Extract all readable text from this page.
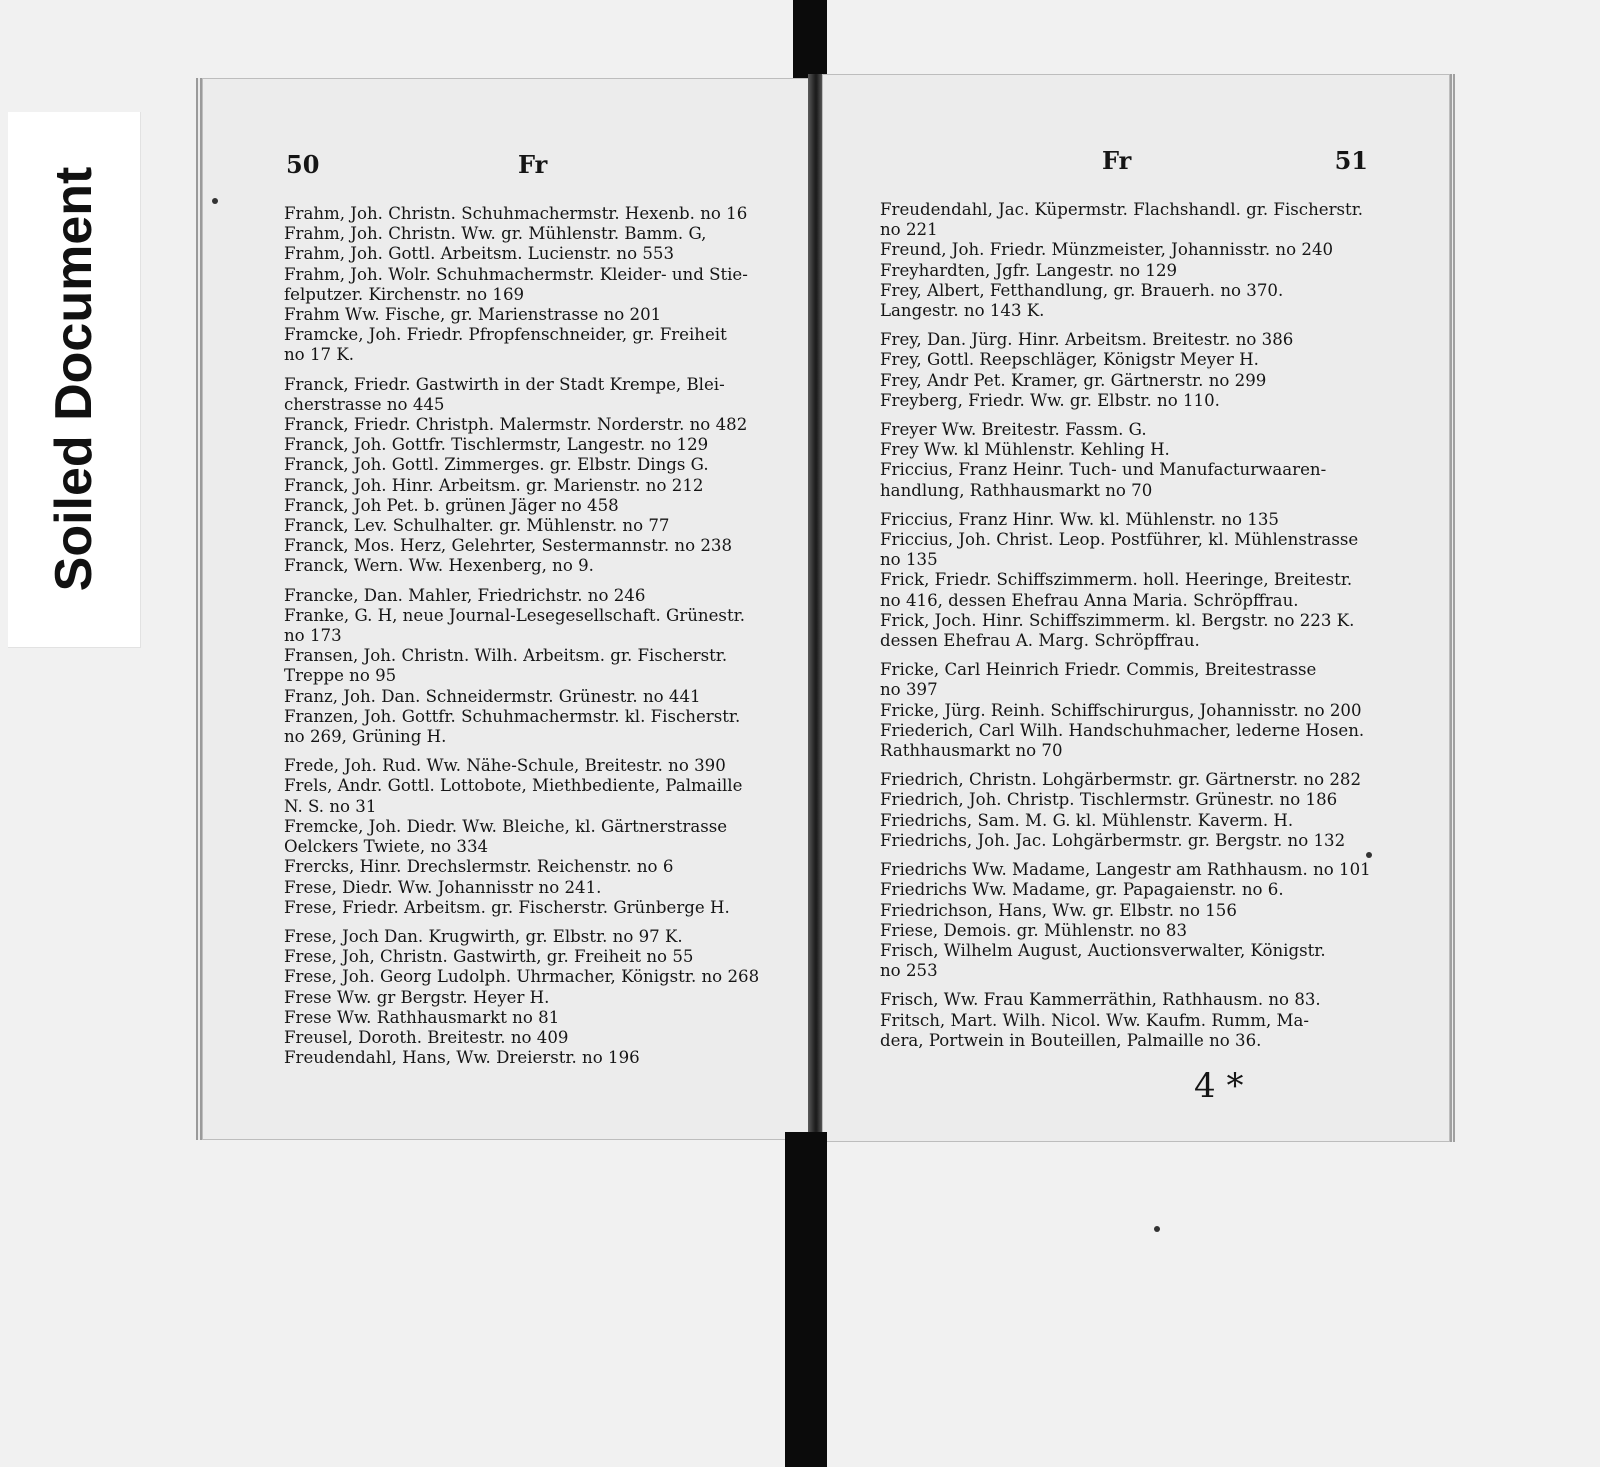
Soiled Document
50	Fr
Frahm, Joh. Christn. Schuhmachermstr. Hexenb. no 16
Frahm, Joh. Christn. Ww. gr. Mühlenstr. Bamm. G,
Frahm, Joh. Gottl. Arbeitsm. Lucienstr. no 553
Frahm, Joh. Wolr. Schuhmachermstr. Kleider- und Stie-
felputzer. Kirchenstr. no 169
Frahm Ww. Fische, gr. Marienstrasse no 201
Framcke, Joh. Friedr. Pfropfenschneider, gr. Freiheit
no 17 K.
Franck, Friedr. Gastwirth in der Stadt Krempe, Blei-
cherstrasse no 445
Franck, Friedr. Christph. Malermstr. Norderstr. no 482
Franck, Joh. Gottfr. Tischlermstr, Langestr. no 129
Franck, Joh. Gottl. Zimmerges. gr. Elbstr. Dings G.
Franck, Joh. Hinr. Arbeitsm. gr. Marienstr. no 212
Franck, Joh Pet. b. grünen Jäger no 458
Franck, Lev. Schulhalter. gr. Mühlenstr. no 77
Franck, Mos. Herz, Gelehrter, Sestermannstr. no 238
Franck, Wern. Ww. Hexenberg, no 9.
Francke, Dan. Mahler, Friedrichstr. no 246
Franke, G. H, neue Journal-Lesegesellschaft. Grünestr.
no 173
Fransen, Joh. Christn. Wilh. Arbeitsm. gr. Fischerstr.
Treppe no 95
Franz, Joh. Dan. Schneidermstr. Grünestr. no 441
Franzen, Joh. Gottfr. Schuhmachermstr. kl. Fischerstr.
no 269, Grüning H.
Frede, Joh. Rud. Ww. Nähe-Schule, Breitestr. no 390
Frels, Andr. Gottl. Lottobote, Miethbediente, Palmaille
N. S. no 31
Fremcke, Joh. Diedr. Ww. Bleiche, kl. Gärtnerstrasse
Oelckers Twiete, no 334
Frercks, Hinr. Drechslermstr. Reichenstr. no 6
Frese, Diedr. Ww. Johannisstr no 241.
Frese, Friedr. Arbeitsm. gr. Fischerstr. Grünberge H.
Frese, Joch Dan. Krugwirth, gr. Elbstr. no 97 K.
Frese, Joh, Christn. Gastwirth, gr. Freiheit no 55
Frese, Joh. Georg Ludolph. Uhrmacher, Königstr. no 268
Frese Ww. gr Bergstr. Heyer H.
Frese Ww. Rathhausmarkt no 81
Freusel, Doroth. Breitestr. no 409
Freudendahl, Hans, Ww. Dreierstr. no 196
Fr	51
Freudendahl, Jac. Küpermstr. Flachshandl. gr. Fischerstr.
no 221
Freund, Joh. Friedr. Münzmeister, Johannisstr. no 240
Freyhardten, Jgfr. Langestr. no 129
Frey, Albert, Fetthandlung, gr. Brauerh. no 370.
Langestr. no 143 K.
Frey, Dan. Jürg. Hinr. Arbeitsm. Breitestr. no 386
Frey, Gottl. Reepschläger, Königstr Meyer H.
Frey, Andr Pet. Kramer, gr. Gärtnerstr. no 299
Freyberg, Friedr. Ww. gr. Elbstr. no 110.
Freyer Ww. Breitestr. Fassm. G.
Frey Ww. kl Mühlenstr. Kehling H.
Friccius, Franz Heinr. Tuch- und Manufacturwaaren-
handlung, Rathhausmarkt no 70
Friccius, Franz Hinr. Ww. kl. Mühlenstr. no 135
Friccius, Joh. Christ. Leop. Postführer, kl. Mühlenstrasse
no 135
Frick, Friedr. Schiffszimmerm. holl. Heeringe, Breitestr.
no 416, dessen Ehefrau Anna Maria. Schröpffrau.
Frick, Joch. Hinr. Schiffszimmerm. kl. Bergstr. no 223 K.
dessen Ehefrau A. Marg. Schröpffrau.
Fricke, Carl Heinrich Friedr. Commis, Breitestrasse
no 397
Fricke, Jürg. Reinh. Schiffschirurgus, Johannisstr. no 200
Friederich, Carl Wilh. Handschuhmacher, lederne Hosen.
Rathhausmarkt no 70
Friedrich, Christn. Lohgärbermstr. gr. Gärtnerstr. no 282
Friedrich, Joh. Christp. Tischlermstr. Grünestr. no 186
Friedrichs, Sam. M. G. kl. Mühlenstr. Kaverm. H.
Friedrichs, Joh. Jac. Lohgärbermstr. gr. Bergstr. no 132
Friedrichs Ww. Madame, Langestr am Rathhausm. no 101
Friedrichs Ww. Madame, gr. Papagaienstr. no 6.
Friedrichson, Hans, Ww. gr. Elbstr. no 156
Friese, Demois. gr. Mühlenstr. no 83
Frisch, Wilhelm August, Auctionsverwalter, Königstr.
no 253
Frisch, Ww. Frau Kammerräthin, Rathhausm. no 83.
Fritsch, Mart. Wilh. Nicol. Ww. Kaufm. Rumm, Ma-
dera, Portwein in Bouteillen, Palmaille no 36.
4 *
